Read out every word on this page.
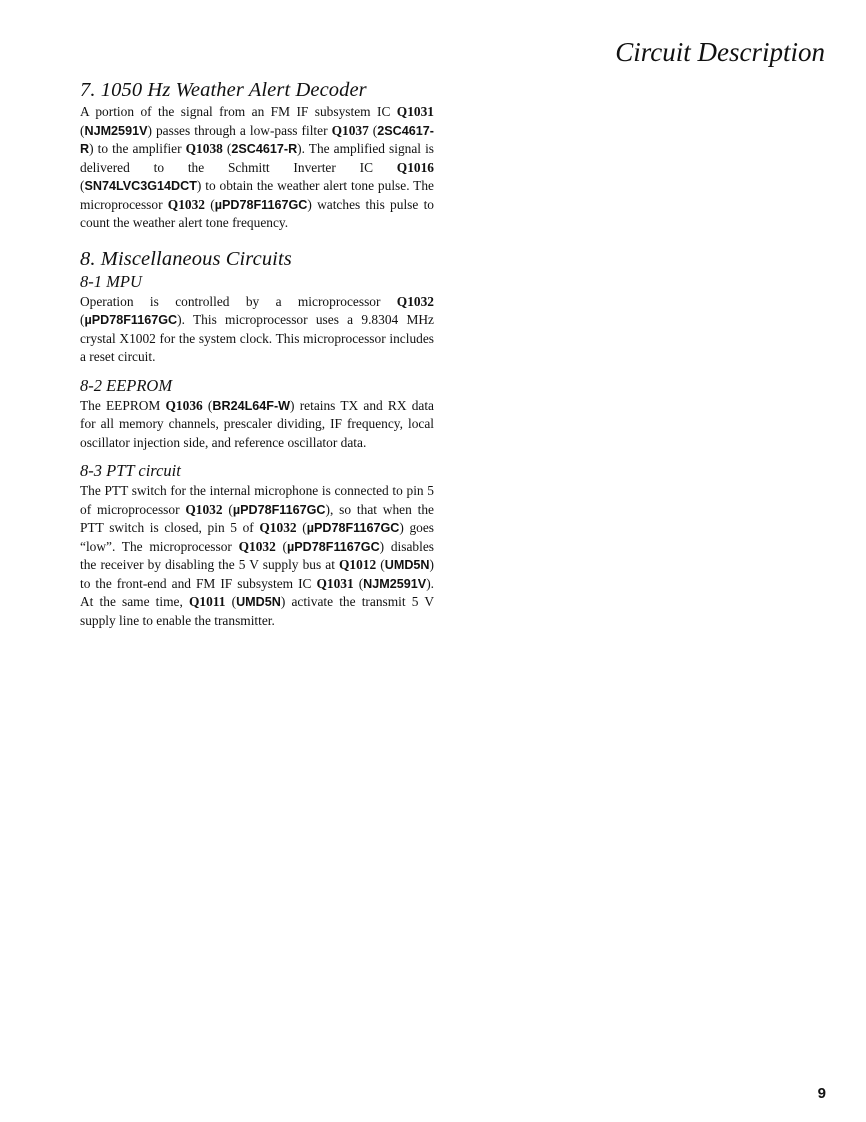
Circuit Description
7. 1050 Hz Weather Alert Decoder

A portion of the signal from an FM IF subsystem IC Q1031 (NJM2591V) passes through a low-pass filter Q1037 (2SC4617-R) to the amplifier Q1038 (2SC4617-R). The amplified signal is delivered to the Schmitt Inverter IC Q1016 (SN74LVC3G14DCT) to obtain the weather alert tone pulse. The microprocessor Q1032 (µPD78F1167GC) watches this pulse to count the weather alert tone frequency.

8. Miscellaneous Circuits
8-1 MPU

Operation is controlled by a microprocessor Q1032 (µPD78F1167GC). This microprocessor uses a 9.8304 MHz crystal X1002 for the system clock. This microprocessor includes a reset circuit.

8-2 EEPROM

The EEPROM Q1036 (BR24L64F-W) retains TX and RX data for all memory channels, prescaler dividing, IF frequency, local oscillator injection side, and reference oscillator data.

8-3 PTT circuit

The PTT switch for the internal microphone is connected to pin 5 of microprocessor Q1032 (µPD78F1167GC), so that when the PTT switch is closed, pin 5 of Q1032 (µPD78F1167GC) goes “low”. The microprocessor Q1032 (µPD78F1167GC) disables the receiver by disabling the 5 V supply bus at Q1012 (UMD5N) to the front-end and FM IF subsystem IC Q1031 (NJM2591V). At the same time, Q1011 (UMD5N) activate the transmit 5 V supply line to enable the transmitter.

9
